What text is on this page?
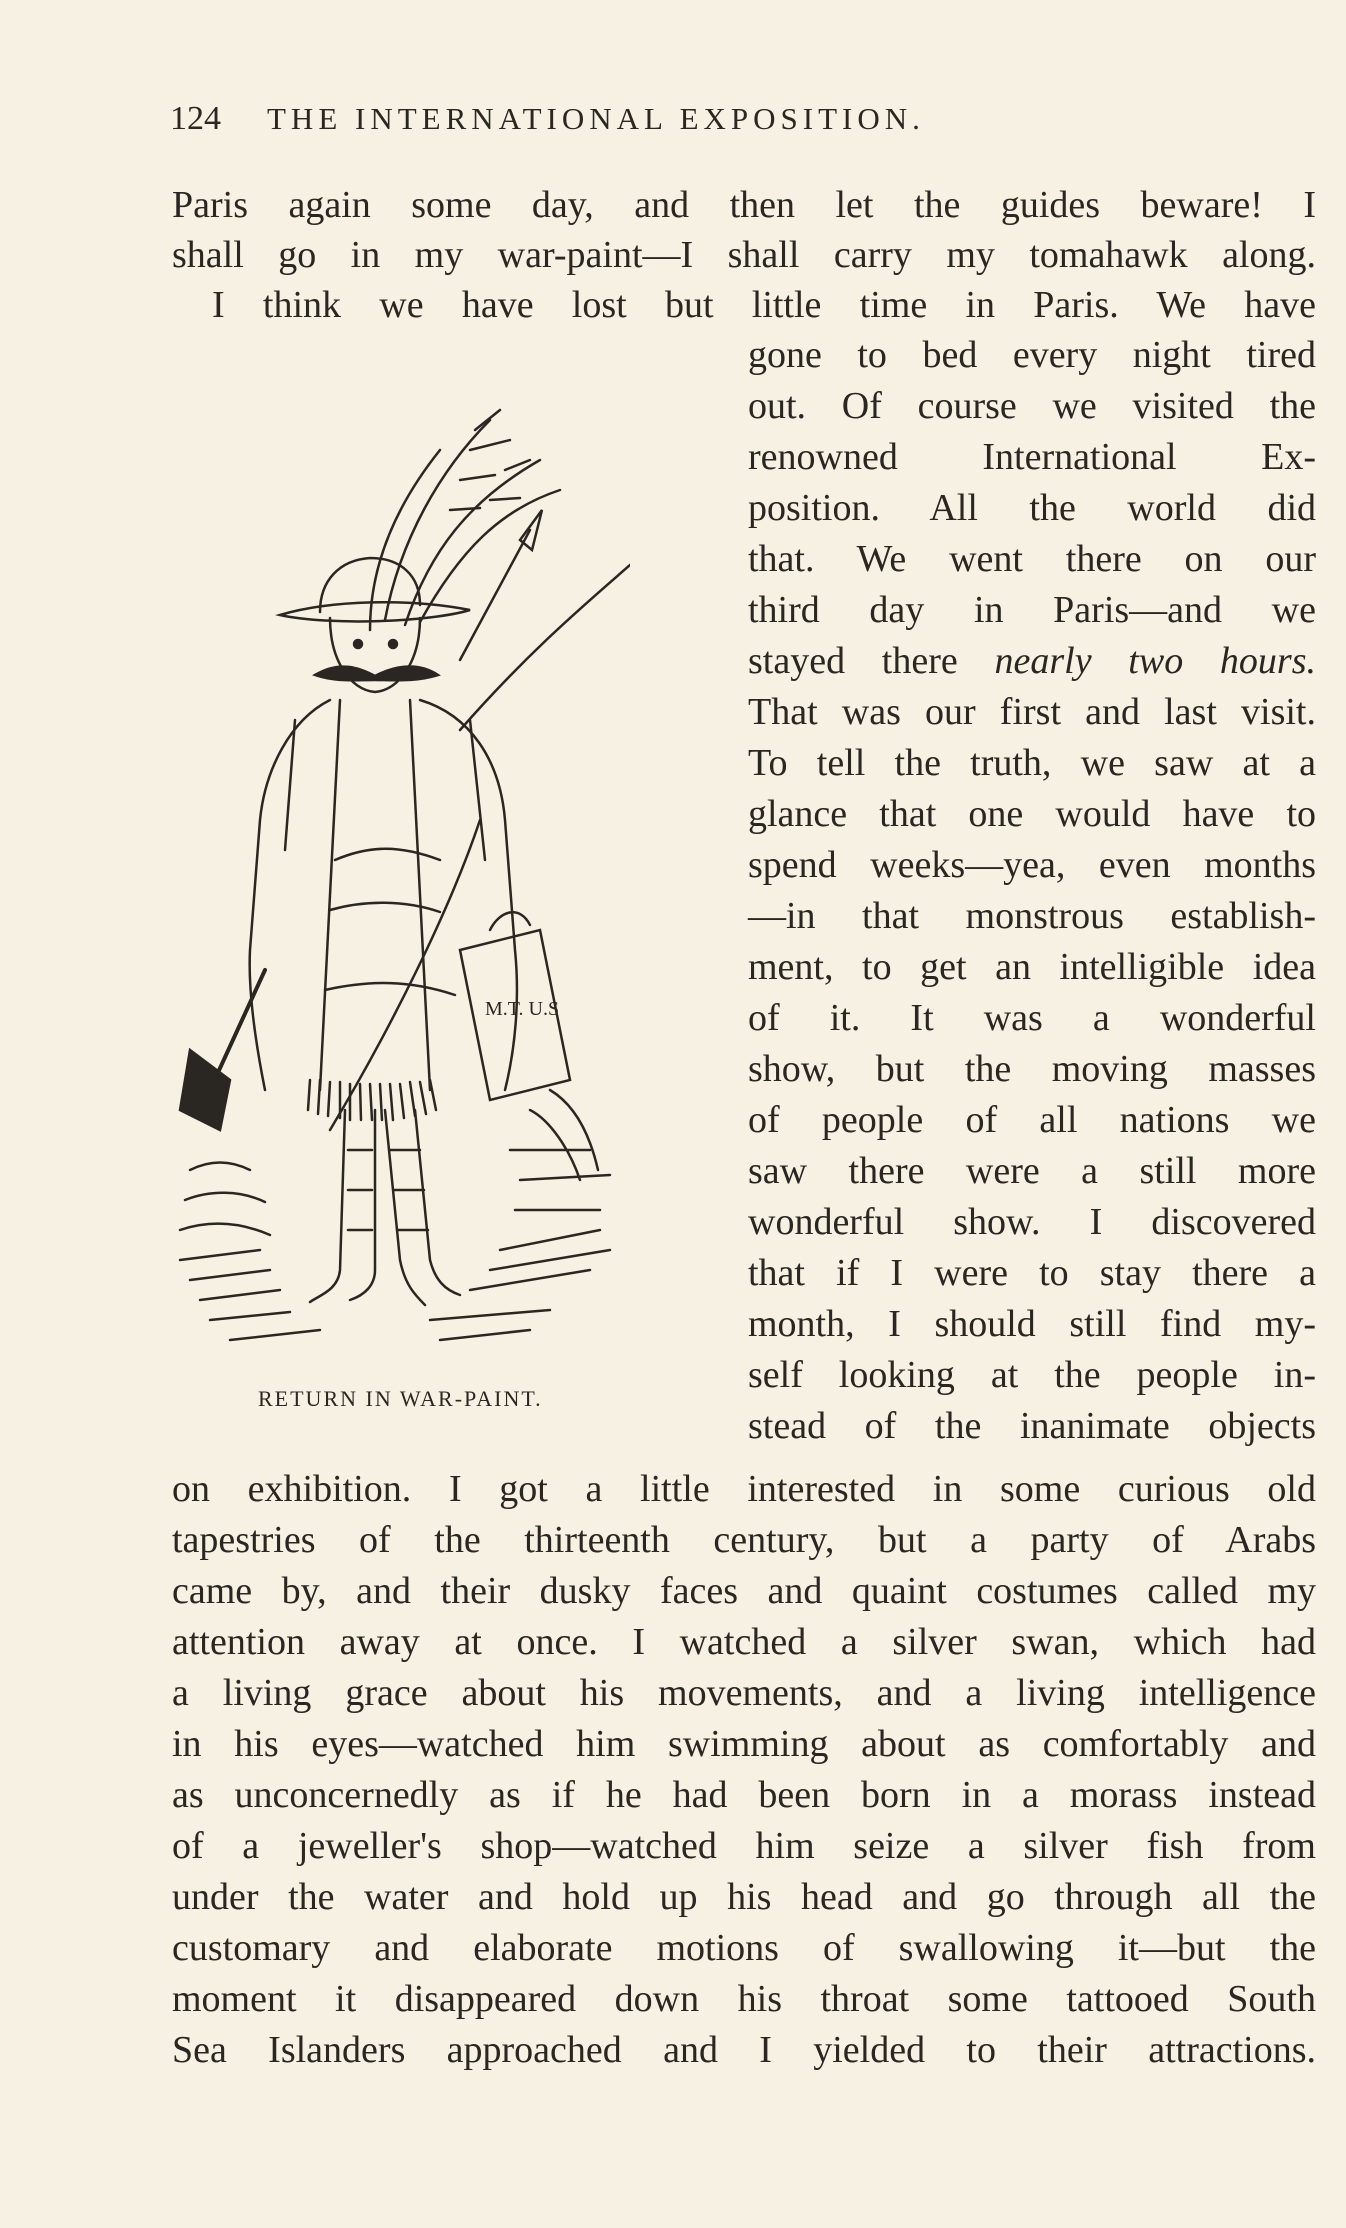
124 THE INTERNATIONAL EXPOSITION.
Paris again some day, and then let the guides beware! I
shall go in my war-paint—I shall carry my tomahawk along.
I think we have lost but little time in Paris. We have
gone to bed every night tired
out. Of course we visited the
renowned International Ex-
position. All the world did
that. We went there on our
third day in Paris—and we
stayed there nearly two hours.
That was our first and last visit.
To tell the truth, we saw at a
glance that one would have to
spend weeks—yea, even months
—in that monstrous establish-
ment, to get an intelligible idea
of it. It was a wonderful
show, but the moving masses
of people of all nations we
saw there were a still more
wonderful show. I discovered
that if I were to stay there a
month, I should still find my-
self looking at the people in-
stead of the inanimate objects
on exhibition. I got a little interested in some curious old
tapestries of the thirteenth century, but a party of Arabs
came by, and their dusky faces and quaint costumes called my
attention away at once. I watched a silver swan, which had
a living grace about his movements, and a living intelligence
in his eyes—watched him swimming about as comfortably and
as unconcernedly as if he had been born in a morass instead
of a jeweller's shop—watched him seize a silver fish from
under the water and hold up his head and go through all the
customary and elaborate motions of swallowing it—but the
moment it disappeared down his throat some tattooed South
Sea Islanders approached and I yielded to their attractions.
M.T. U.S
RETURN IN WAR-PAINT.
